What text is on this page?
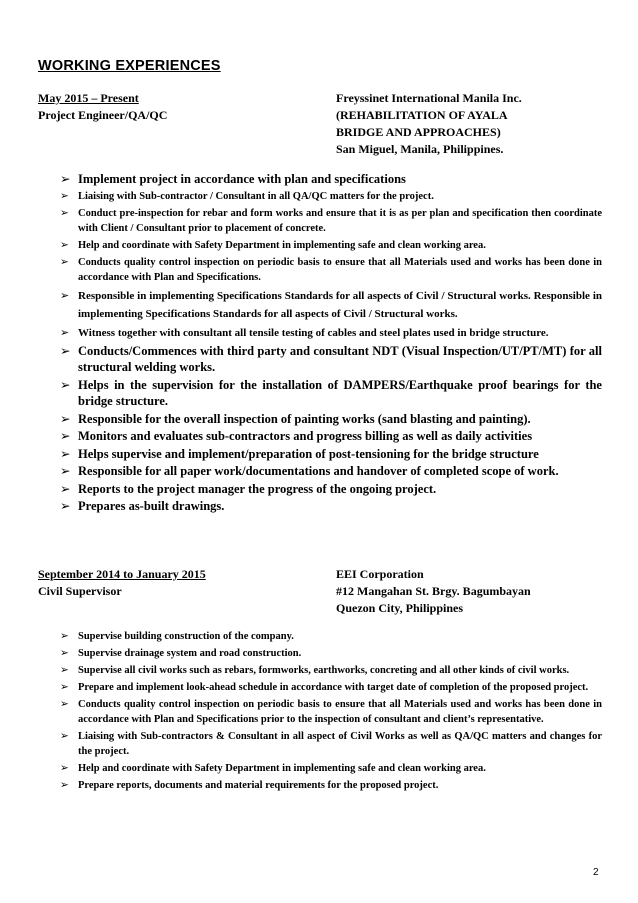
WORKING EXPERIENCES
May 2015 – Present
Project Engineer/QA/QC
Freyssinet International Manila Inc.
(REHABILITATION OF AYALA
BRIDGE AND APPROACHES)
San Miguel, Manila, Philippines.
➢ Implement project in accordance with plan and specifications
➢ Liaising with Sub-contractor / Consultant in all QA/QC matters for the project.
➢ Conduct pre-inspection for rebar and form works and ensure that it is as per plan and specification then coordinate with Client / Consultant prior to placement of concrete.
➢ Help and coordinate with Safety Department in implementing safe and clean working area.
➢ Conducts quality control inspection on periodic basis to ensure that all Materials used and works has been done in accordance with Plan and Specifications.
➢ Responsible in implementing Specifications Standards for all aspects of Civil / Structural works. Responsible in implementing Specifications Standards for all aspects of Civil / Structural works.
➢ Witness together with consultant all tensile testing of cables and steel plates used in bridge structure.
➢ Conducts/Commences with third party and consultant NDT (Visual Inspection/UT/PT/MT) for all structural welding works.
➢ Helps in the supervision for the installation of DAMPERS/Earthquake proof bearings for the bridge structure.
➢ Responsible for the overall inspection of painting works (sand blasting and painting).
➢ Monitors and evaluates sub-contractors and progress billing as well as daily activities
➢ Helps supervise and implement/preparation of post-tensioning for the bridge structure
➢ Responsible for all paper work/documentations and handover of completed scope of work.
➢ Reports to the project manager the progress of the ongoing project.
➢ Prepares as-built drawings.
September 2014 to January 2015
Civil Supervisor
EEI Corporation
#12 Mangahan St. Brgy. Bagumbayan
Quezon City, Philippines
➢ Supervise building construction of the company.
➢ Supervise drainage system and road construction.
➢ Supervise all civil works such as rebars, formworks, earthworks, concreting and all other kinds of civil works.
➢ Prepare and implement look-ahead schedule in accordance with target date of completion of the proposed project.
➢ Conducts quality control inspection on periodic basis to ensure that all Materials used and works has been done in accordance with Plan and Specifications prior to the inspection of consultant and client’s representative.
➢ Liaising with Sub-contractors & Consultant in all aspect of Civil Works as well as QA/QC matters and changes for the project.
➢ Help and coordinate with Safety Department in implementing safe and clean working area.
➢ Prepare reports, documents and material requirements for the proposed project.
2
